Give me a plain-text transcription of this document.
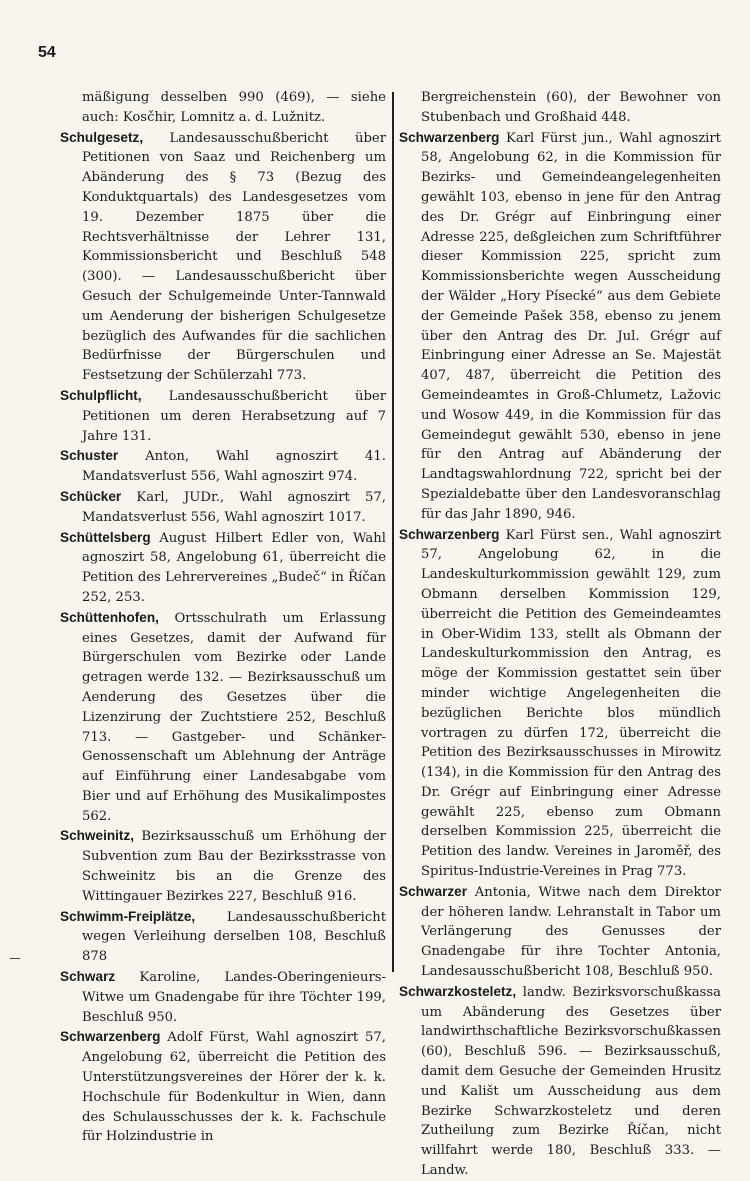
54

mäßigung desselben 990 (469), — siehe auch: Kosčhir, Lomnitz a. d. Lužnitz.

Schulgesetz, Landesausschußbericht über Petitionen von Saaz und Reichenberg um Abänderung des § 73 (Bezug des Konduktquartals) des Landesgesetzes vom 19. Dezember 1875 über die Rechtsverhältnisse der Lehrer 131, Kommissionsbericht und Beschluß 548 (300). — Landesausschußbericht über Gesuch der Schulgemeinde Unter-Tannwald um Aenderung der bisherigen Schulgesetze bezüglich des Aufwandes für die sachlichen Bedürfnisse der Bürgerschulen und Festsetzung der Schülerzahl 773.

Schulpflicht, Landesausschußbericht über Petitionen um deren Herabsetzung auf 7 Jahre 131.

Schuster Anton, Wahl agnoszirt 41. Mandatsverlust 556, Wahl agnoszirt 974.

Schücker Karl, JUDr., Wahl agnoszirt 57, Mandatsverlust 556, Wahl agnoszirt 1017.

Schüttelsberg August Hilbert Edler von, Wahl agnoszirt 58, Angelobung 61, überreicht die Petition des Lehrervereines „Budeč“ in Říčan 252, 253.

Schüttenhofen, Ortsschulrath um Erlassung eines Gesetzes, damit der Aufwand für Bürgerschulen vom Bezirke oder Lande getragen werde 132. — Bezirksausschuß um Aenderung des Gesetzes über die Lizenzirung der Zuchtstiere 252, Beschluß 713. — Gastgeber- und Schänker-Genossenschaft um Ablehnung der Anträge auf Einführung einer Landesabgabe vom Bier und auf Erhöhung des Musikalimpostes 562.

Schweinitz, Bezirksausschuß um Erhöhung der Subvention zum Bau der Bezirksstrasse von Schweinitz bis an die Grenze des Wittingauer Bezirkes 227, Beschluß 916.

Schwimm-Freiplätze, Landesausschußbericht wegen Verleihung derselben 108, Beschluß 878

Schwarz Karoline, Landes-Oberingenieurs-Witwe um Gnadengabe für ihre Töchter 199, Beschluß 950.

Schwarzenberg Adolf Fürst, Wahl agnoszirt 57, Angelobung 62, überreicht die Petition des Unterstützungsvereines der Hörer der k. k. Hochschule für Bodenkultur in Wien, dann des Schulausschusses der k. k. Fachschule für Holzindustrie in

Bergreichenstein (60), der Bewohner von Stubenbach und Großhaid 448.

Schwarzenberg Karl Fürst jun., Wahl agnoszirt 58, Angelobung 62, in die Kommission für Bezirks- und Gemeindeangelegenheiten gewählt 103, ebenso in jene für den Antrag des Dr. Grégr auf Einbringung einer Adresse 225, deßgleichen zum Schriftführer dieser Kommission 225, spricht zum Kommissionsberichte wegen Ausscheidung der Wälder „Hory Písecké“ aus dem Gebiete der Gemeinde Pašek 358, ebenso zu jenem über den Antrag des Dr. Jul. Grégr auf Einbringung einer Adresse an Se. Majestät 407, 487, überreicht die Petition des Gemeindeamtes in Groß-Chlumetz, Lažovic und Wosow 449, in die Kommission für das Gemeindegut gewählt 530, ebenso in jene für den Antrag auf Abänderung der Landtagswahlordnung 722, spricht bei der Spezialdebatte über den Landesvoranschlag für das Jahr 1890, 946.

Schwarzenberg Karl Fürst sen., Wahl agnoszirt 57, Angelobung 62, in die Landeskulturkommission gewählt 129, zum Obmann derselben Kommission 129, überreicht die Petition des Gemeindeamtes in Ober-Widim 133, stellt als Obmann der Landeskulturkommission den Antrag, es möge der Kommission gestattet sein über minder wichtige Angelegenheiten die bezüglichen Berichte blos mündlich vortragen zu dürfen 172, überreicht die Petition des Bezirksausschusses in Mirowitz (134), in die Kommission für den Antrag des Dr. Grégr auf Einbringung einer Adresse gewählt 225, ebenso zum Obmann derselben Kommission 225, überreicht die Petition des landw. Vereines in Jaroměř, des Spiritus-Industrie-Vereines in Prag 773.

Schwarzer Antonia, Witwe nach dem Direktor der höheren landw. Lehranstalt in Tabor um Verlängerung des Genusses der Gnadengabe für ihre Tochter Antonia, Landesausschußbericht 108, Beschluß 950.

Schwarzkosteletz, landw. Bezirksvorschußkassa um Abänderung des Gesetzes über landwirthschaftliche Bezirksvorschußkassen (60), Beschluß 596. — Bezirksausschuß, damit dem Gesuche der Gemeinden Hrusitz und Kališt um Ausscheidung aus dem Bezirke Schwarzkosteletz und deren Zutheilung zum Bezirke Říčan, nicht willfahrt werde 180, Beschluß 333. — Landw.
